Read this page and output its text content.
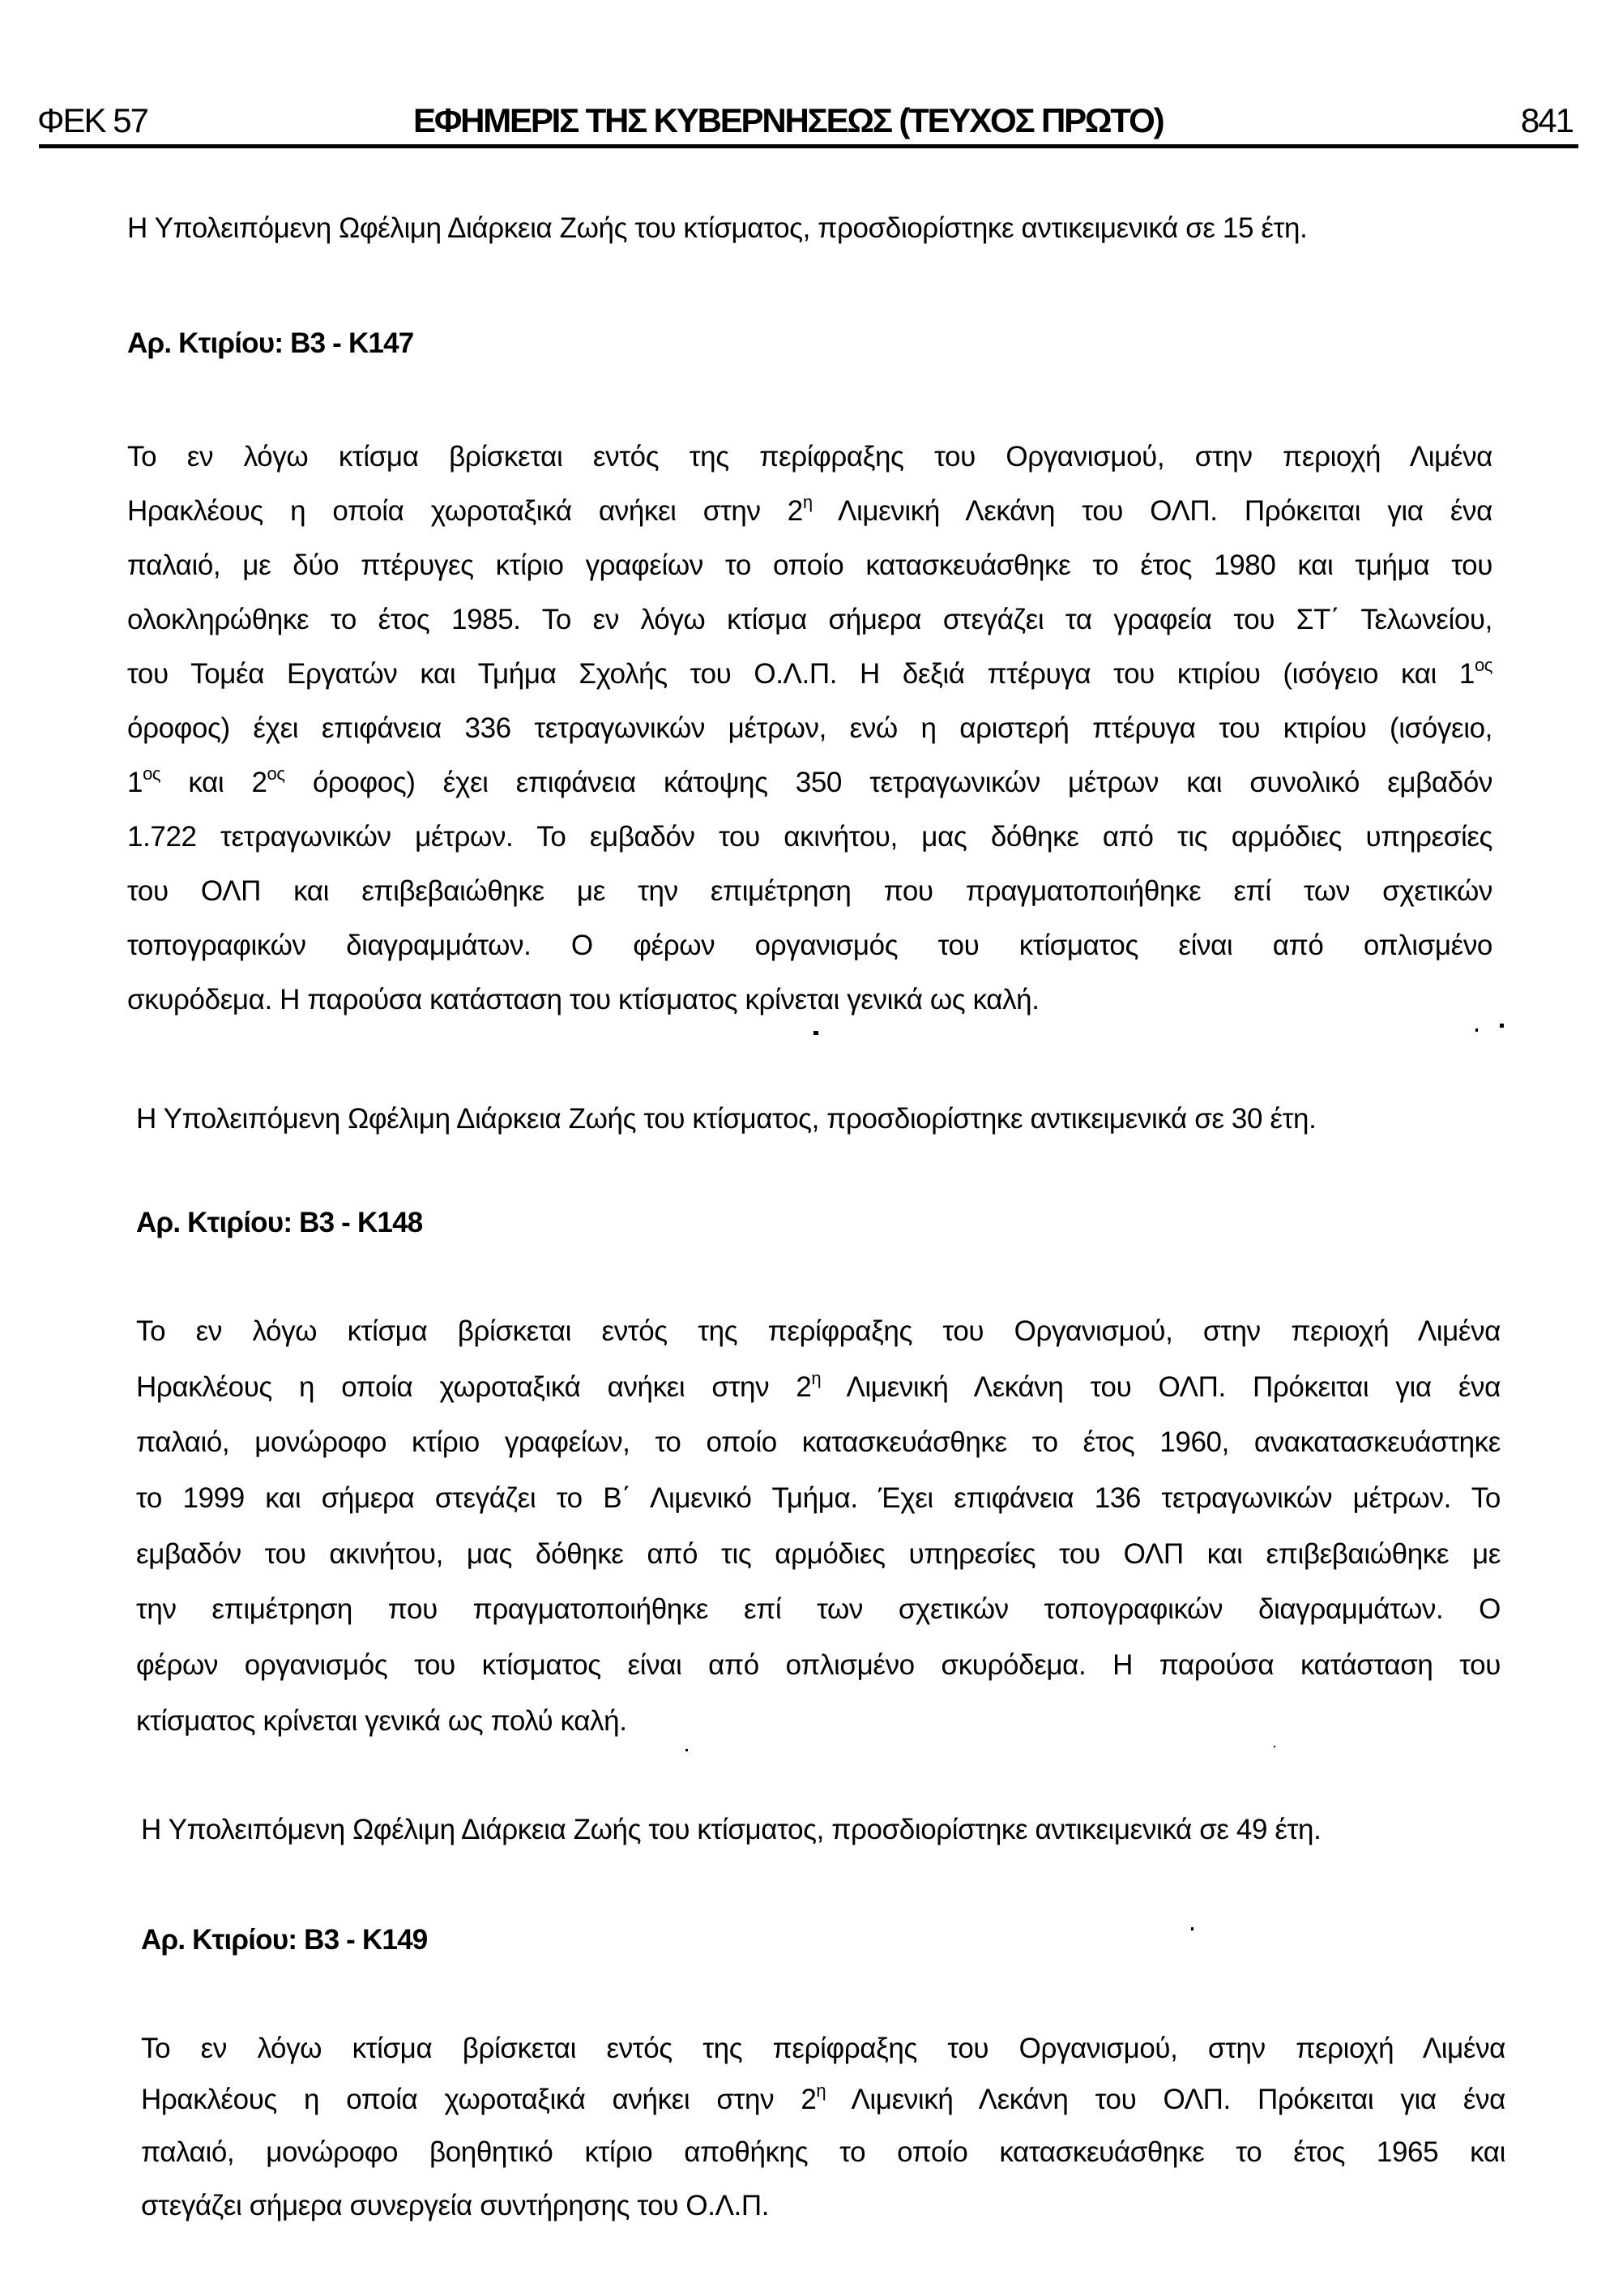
ΦΕΚ 57	ΕΦΗΜΕΡΙΣ ΤΗΣ ΚΥΒΕΡΝΗΣΕΩΣ (ΤΕΥΧΟΣ ΠΡΩΤΟ)	841
Η Υπολειπόμενη Ωφέλιμη Διάρκεια Ζωής του κτίσματος, προσδιορίστηκε αντικειμενικά σε 15 έτη.
Αρ. Κτιρίου: Β3 - Κ147
Το εν λόγω κτίσμα βρίσκεται εντός της περίφραξης του Οργανισμού, στην περιοχή Λιμένα
Ηρακλέους η οποία χωροταξικά ανήκει στην $2^\eta$ Λιμενική Λεκάνη του ΟΛΠ. Πρόκειται για ένα
παλαιό, με δύο πτέρυγες κτίριο γραφείων το οποίο κατασκευάσθηκε το έτος 1980 και τμήμα του
ολοκληρώθηκε το έτος 1985. Το εν λόγω κτίσμα σήμερα στεγάζει τα γραφεία του ΣΤ΄ Τελωνείου,
του Τομέα Εργατών και Τμήμα Σχολής του Ο.Λ.Π. Η δεξιά πτέρυγα του κτιρίου (ισόγειο και $1^{o\varsigma}$
όροφος) έχει επιφάνεια 336 τετραγωνικών μέτρων, ενώ η αριστερή πτέρυγα του κτιρίου (ισόγειο,
$1^{o\varsigma}$ και $2^{o\varsigma}$ όροφος) έχει επιφάνεια κάτοψης 350 τετραγωνικών μέτρων και συνολικό εμβαδόν
1.722 τετραγωνικών μέτρων. Το εμβαδόν του ακινήτου, μας δόθηκε από τις αρμόδιες υπηρεσίες
του ΟΛΠ και επιβεβαιώθηκε με την επιμέτρηση που πραγματοποιήθηκε επί των σχετικών
τοπογραφικών διαγραμμάτων. Ο φέρων οργανισμός του κτίσματος είναι από οπλισμένο
σκυρόδεμα. Η παρούσα κατάσταση του κτίσματος κρίνεται γενικά ως καλή.
Η Υπολειπόμενη Ωφέλιμη Διάρκεια Ζωής του κτίσματος, προσδιορίστηκε αντικειμενικά σε 30 έτη.
Αρ. Κτιρίου: Β3 - Κ148
Το εν λόγω κτίσμα βρίσκεται εντός της περίφραξης του Οργανισμού, στην περιοχή Λιμένα
Ηρακλέους η οποία χωροταξικά ανήκει στην $2^\eta$ Λιμενική Λεκάνη του ΟΛΠ. Πρόκειται για ένα
παλαιό, μονώροφο κτίριο γραφείων, το οποίο κατασκευάσθηκε το έτος 1960, ανακατασκευάστηκε
το 1999 και σήμερα στεγάζει το Β΄ Λιμενικό Τμήμα. Έχει επιφάνεια 136 τετραγωνικών μέτρων. Το
εμβαδόν του ακινήτου, μας δόθηκε από τις αρμόδιες υπηρεσίες του ΟΛΠ και επιβεβαιώθηκε με
την επιμέτρηση που πραγματοποιήθηκε επί των σχετικών τοπογραφικών διαγραμμάτων. Ο
φέρων οργανισμός του κτίσματος είναι από οπλισμένο σκυρόδεμα. Η παρούσα κατάσταση του
κτίσματος κρίνεται γενικά ως πολύ καλή.
Η Υπολειπόμενη Ωφέλιμη Διάρκεια Ζωής του κτίσματος, προσδιορίστηκε αντικειμενικά σε 49 έτη.
Αρ. Κτιρίου: Β3 - Κ149
Το εν λόγω κτίσμα βρίσκεται εντός της περίφραξης του Οργανισμού, στην περιοχή Λιμένα
Ηρακλέους η οποία χωροταξικά ανήκει στην $2^\eta$ Λιμενική Λεκάνη του ΟΛΠ. Πρόκειται για ένα
παλαιό, μονώροφο βοηθητικό κτίριο αποθήκης το οποίο κατασκευάσθηκε το έτος 1965 και
στεγάζει σήμερα συνεργεία συντήρησης του Ο.Λ.Π.
